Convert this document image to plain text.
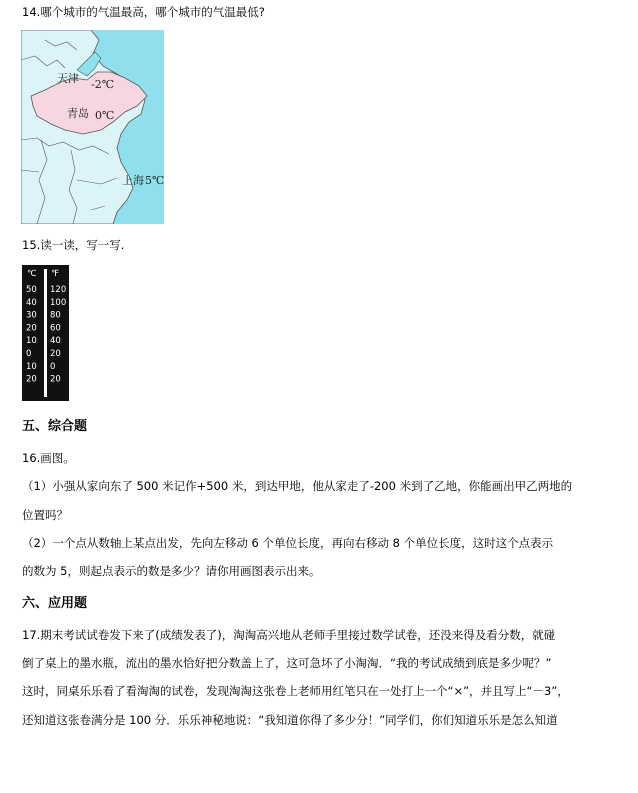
14.哪个城市的气温最高，哪个城市的气温最低?
天津 -2℃
青岛 0℃
上海 5℃
15.读一读，写一写.
℃ ℉
50
40
30
20
10
0
10
20
120
100
80
60
40
20
0
20
五、综合题
16.画图。
（1）小强从家向东了 500 米记作+500 米，到达甲地，他从家走了-200 米到了乙地，你能画出甲乙两地的
位置吗？
（2）一个点从数轴上某点出发，先向左移动 6 个单位长度，再向右移动 8 个单位长度，这时这个点表示
的数为 5，则起点表示的数是多少？请你用画图表示出来。
六、应用题
17.期末考试试卷发下来了(成绩发表了)，淘淘高兴地从老师手里接过数学试卷，还没来得及看分数，就碰
倒了桌上的墨水瓶，流出的墨水恰好把分数盖上了，这可急坏了小淘淘．“我的考试成绩到底是多少呢？”
这时，同桌乐乐看了看淘淘的试卷，发现淘淘这张卷上老师用红笔只在一处打上一个“×”，并且写上“－3”，
还知道这张卷满分是 100 分．乐乐神秘地说：“我知道你得了多少分！”同学们，你们知道乐乐是怎么知道
